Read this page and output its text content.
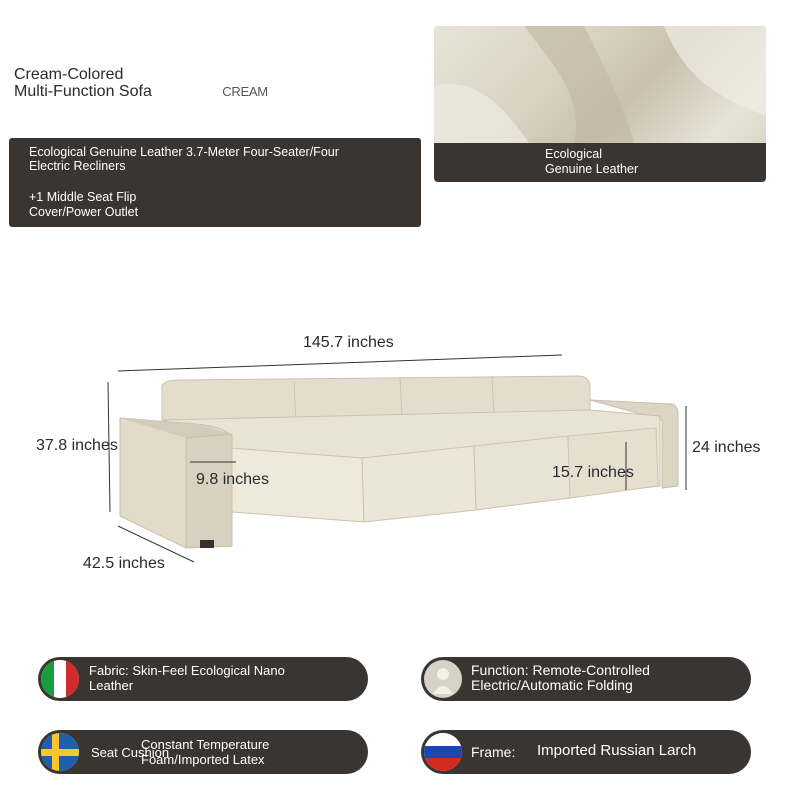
Cream-Colored
Multi-Function Sofa	CREAM
Ecological Genuine Leather 3.7-Meter Four-Seater/Four
Electric Recliners
+1 Middle Seat Flip
Cover/Power Outlet
Ecological
Genuine Leather
145.7 inches
37.8 inches
42.5 inches
9.8 inches	15.7 inches
24 inches
Fabric: Skin-Feel Ecological Nano
Leather
Function: Remote-Controlled
Electric/Automatic Folding
Seat Cushion
Constant Temperature
Foam/Imported Latex	Frame: Imported Russian Larch
